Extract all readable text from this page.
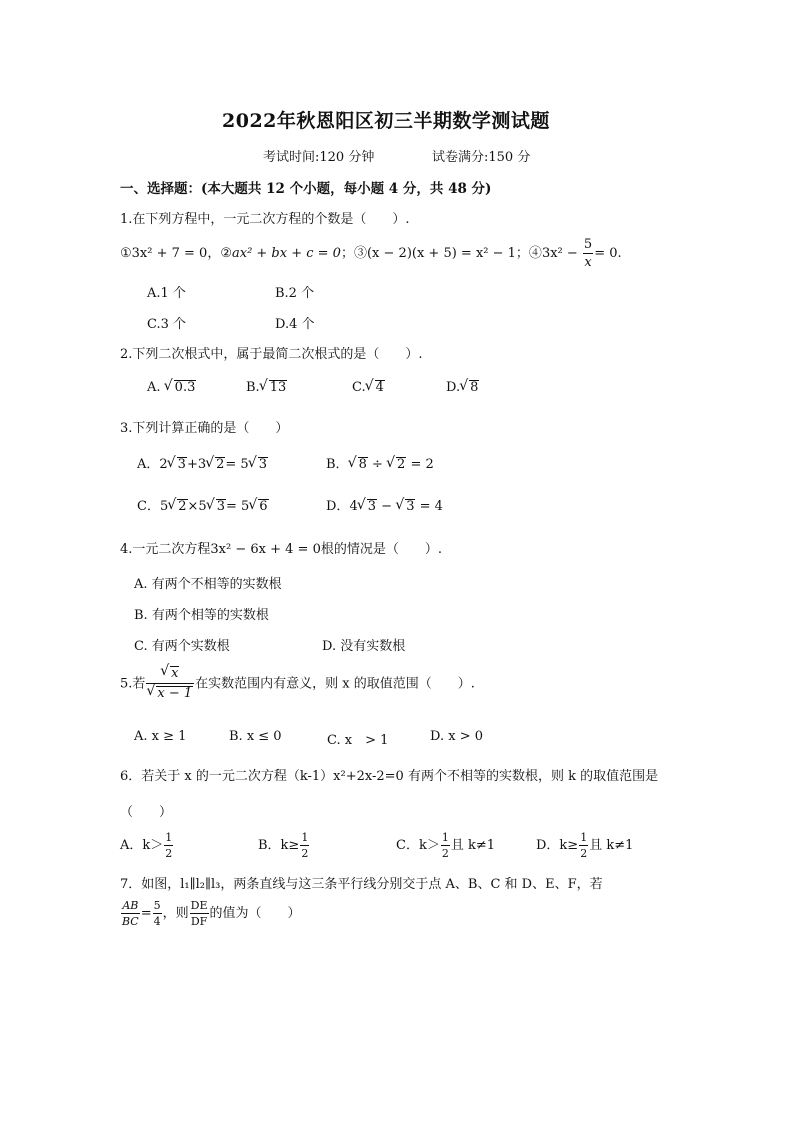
2022年秋恩阳区初三半期数学测试题
考试时间:120 分钟	试卷满分:150 分
一、选择题：(本大题共 12 个小题，每小题 4 分，共 48 分)
1.在下列方程中，一元二次方程的个数是（　　）.
①3x² + 7 = 0，②ax² + bx + c = 0；③(x − 2)(x + 5) = x² − 1；④3x² − $\frac{5}{x} = 0$.
A.1 个	B.2 个
C.3 个	D.4 个
2.下列二次根式中，属于最简二次根式的是（　　）.
A. √ 0.3	B. √ 13	C. √ 4	D. √ 8
3.下列计算正确的是（　　）
A．2 √ 3+3 √ 2= 5 √ 3	B． √ 8 ÷ √ 2 = 2
C．5 √ 2×5 √ 3= 5 √ 6	D．4 √ 3 − √ 3 = 4
4.一元二次方程3x² − 6x + 4 = 0根的情况是（　　）.
A. 有两个不相等的实数根
B. 有两个相等的实数根
C. 有两个实数根	D. 没有实数根
5.若 √ x
√ x − 1 在实数范围内有意义，则 x 的取值范围（　　）.
A. x ≥ 1	B. x ≤ 0	C. x　> 1	D. x > 0
6．若关于 x 的一元二次方程（k-1）x²+2x-2=0 有两个不相等的实数根，则 k 的取值范围是
（　　）
A．$k> \frac{1}{2}$	B．$k\ge \frac{1}{2}$	C．$k> \frac{1}{2}$ 且 k≠1	D．$k\ge \frac{1}{2}$ 且 k≠1
7．如图，l₁∥l₂∥l₃，两条直线与这三条平行线分别交于点 A、B、C 和 D、E、F，若
$\frac{AB}{BC} = \frac{5}{4}$ ，则 $\frac{DE}{DF}$ 的值为（　　）
